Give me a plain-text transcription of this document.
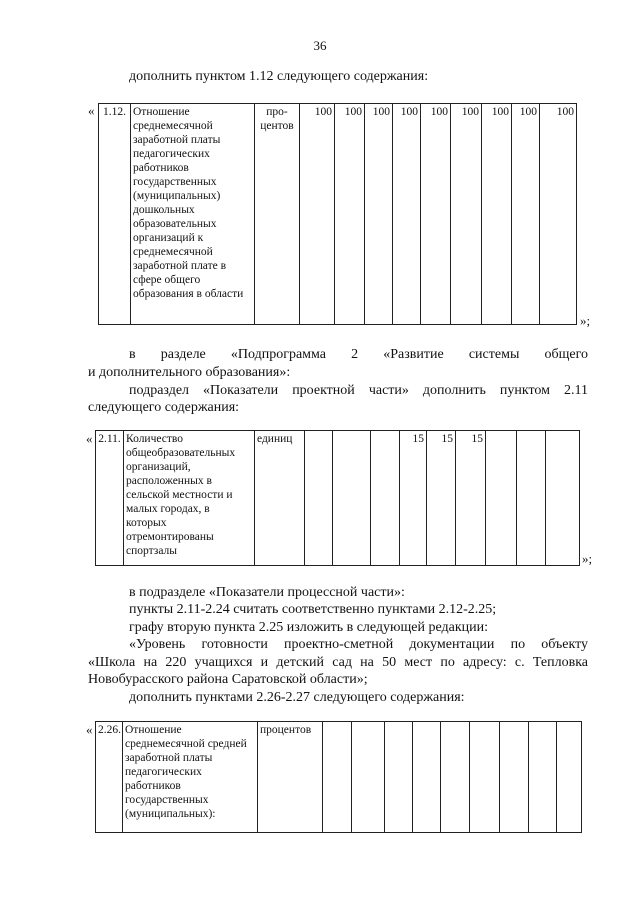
36
дополнить пунктом 1.12 следующего содержания:
« 1.12.	Отношение среднемесячной заработной платы педагогических работников государственных (муниципальных) дошкольных образовательных организаций к среднемесячной заработной плате в сфере общего образования в области	про-центов	100	100	100	100	100	100	100	100	100
»;
в разделе «Подпрограмма 2 «Развитие системы общего
и дополнительного образования»:
подраздел «Показатели проектной части» дополнить пунктом 2.11
следующего содержания:
« 2.11.	Количество общеобразовательных организаций, расположенных в сельской местности и малых городах, в которых отремонтированы спортзалы	единиц				15	15	15			
»;
в подразделе «Показатели процессной части»:
пункты 2.11-2.24 считать соответственно пунктами 2.12-2.25;
графу вторую пункта 2.25 изложить в следующей редакции:
«Уровень готовности проектно-сметной документации по объекту
«Школа на 220 учащихся и детский сад на 50 мест по адресу: с. Тепловка
Новобурасского района Саратовской области»;
дополнить пунктами 2.26-2.27 следующего содержания:
« 2.26.	Отношение среднемесячной средней заработной платы педагогических работников государственных (муниципальных):	процентов									
